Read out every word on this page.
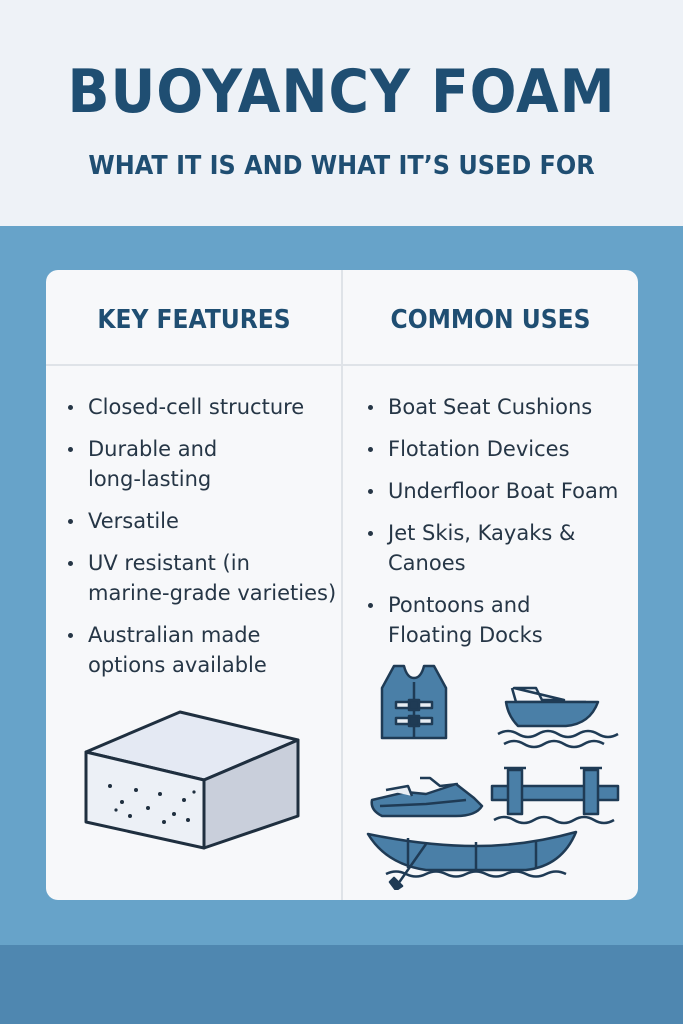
BUOYANCY FOAM
WHAT IT IS AND WHAT IT’S USED FOR
KEY FEATURES	COMMON USES
Closed-cell structure
Durable and
long-lasting
Versatile
UV resistant (in
marine-grade varieties)
Australian made
options available
Boat Seat Cushions
Flotation Devices
Underfloor Boat Foam
Jet Skis, Kayaks &
Canoes
Pontoons and
Floating Docks
